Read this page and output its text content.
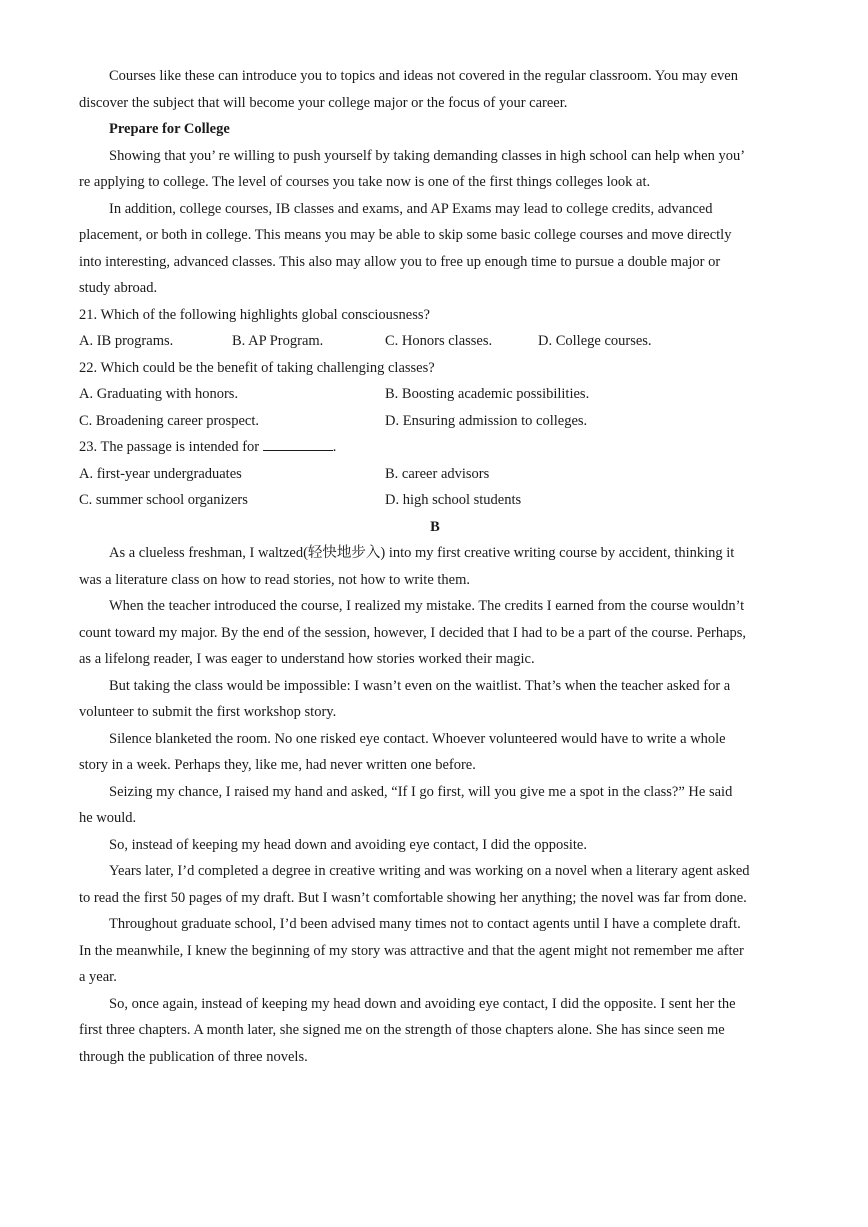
Courses like these can introduce you to topics and ideas not covered in the regular classroom. You may even
discover the subject that will become your college major or the focus of your career.
Prepare for College
Showing that you’ re willing to push yourself by taking demanding classes in high school can help when you’
re applying to college. The level of courses you take now is one of the first things colleges look at.
In addition, college courses, IB classes and exams, and AP Exams may lead to college credits, advanced
placement, or both in college. This means you may be able to skip some basic college courses and move directly
into interesting, advanced classes. This also may allow you to free up enough time to pursue a double major or
study abroad.
21. Which of the following highlights global consciousness?
A. IB programs.	B. AP Program.	C. Honors classes.	D. College courses.
22. Which could be the benefit of taking challenging classes?
A. Graduating with honors.	B. Boosting academic possibilities.
C. Broadening career prospect.	D. Ensuring admission to colleges.
23. The passage is intended for	.
A. first-year undergraduates	B. career advisors
C. summer school organizers	D. high school students
B
As a clueless freshman, I waltzed(轻快地步入) into my first creative writing course by accident, thinking it
was a literature class on how to read stories, not how to write them.
When the teacher introduced the course, I realized my mistake. The credits I earned from the course wouldn’t
count toward my major. By the end of the session, however, I decided that I had to be a part of the course. Perhaps,
as a lifelong reader, I was eager to understand how stories worked their magic.
But taking the class would be impossible: I wasn’t even on the waitlist. That’s when the teacher asked for a
volunteer to submit the first workshop story.
Silence blanketed the room. No one risked eye contact. Whoever volunteered would have to write a whole
story in a week. Perhaps they, like me, had never written one before.
Seizing my chance, I raised my hand and asked, “If I go first, will you give me a spot in the class?” He said
he would.
So, instead of keeping my head down and avoiding eye contact, I did the opposite.
Years later, I’d completed a degree in creative writing and was working on a novel when a literary agent asked
to read the first 50 pages of my draft. But I wasn’t comfortable showing her anything; the novel was far from done.
Throughout graduate school, I’d been advised many times not to contact agents until I have a complete draft.
In the meanwhile, I knew the beginning of my story was attractive and that the agent might not remember me after
a year.
So, once again, instead of keeping my head down and avoiding eye contact, I did the opposite. I sent her the
first three chapters. A month later, she signed me on the strength of those chapters alone. She has since seen me
through the publication of three novels.
